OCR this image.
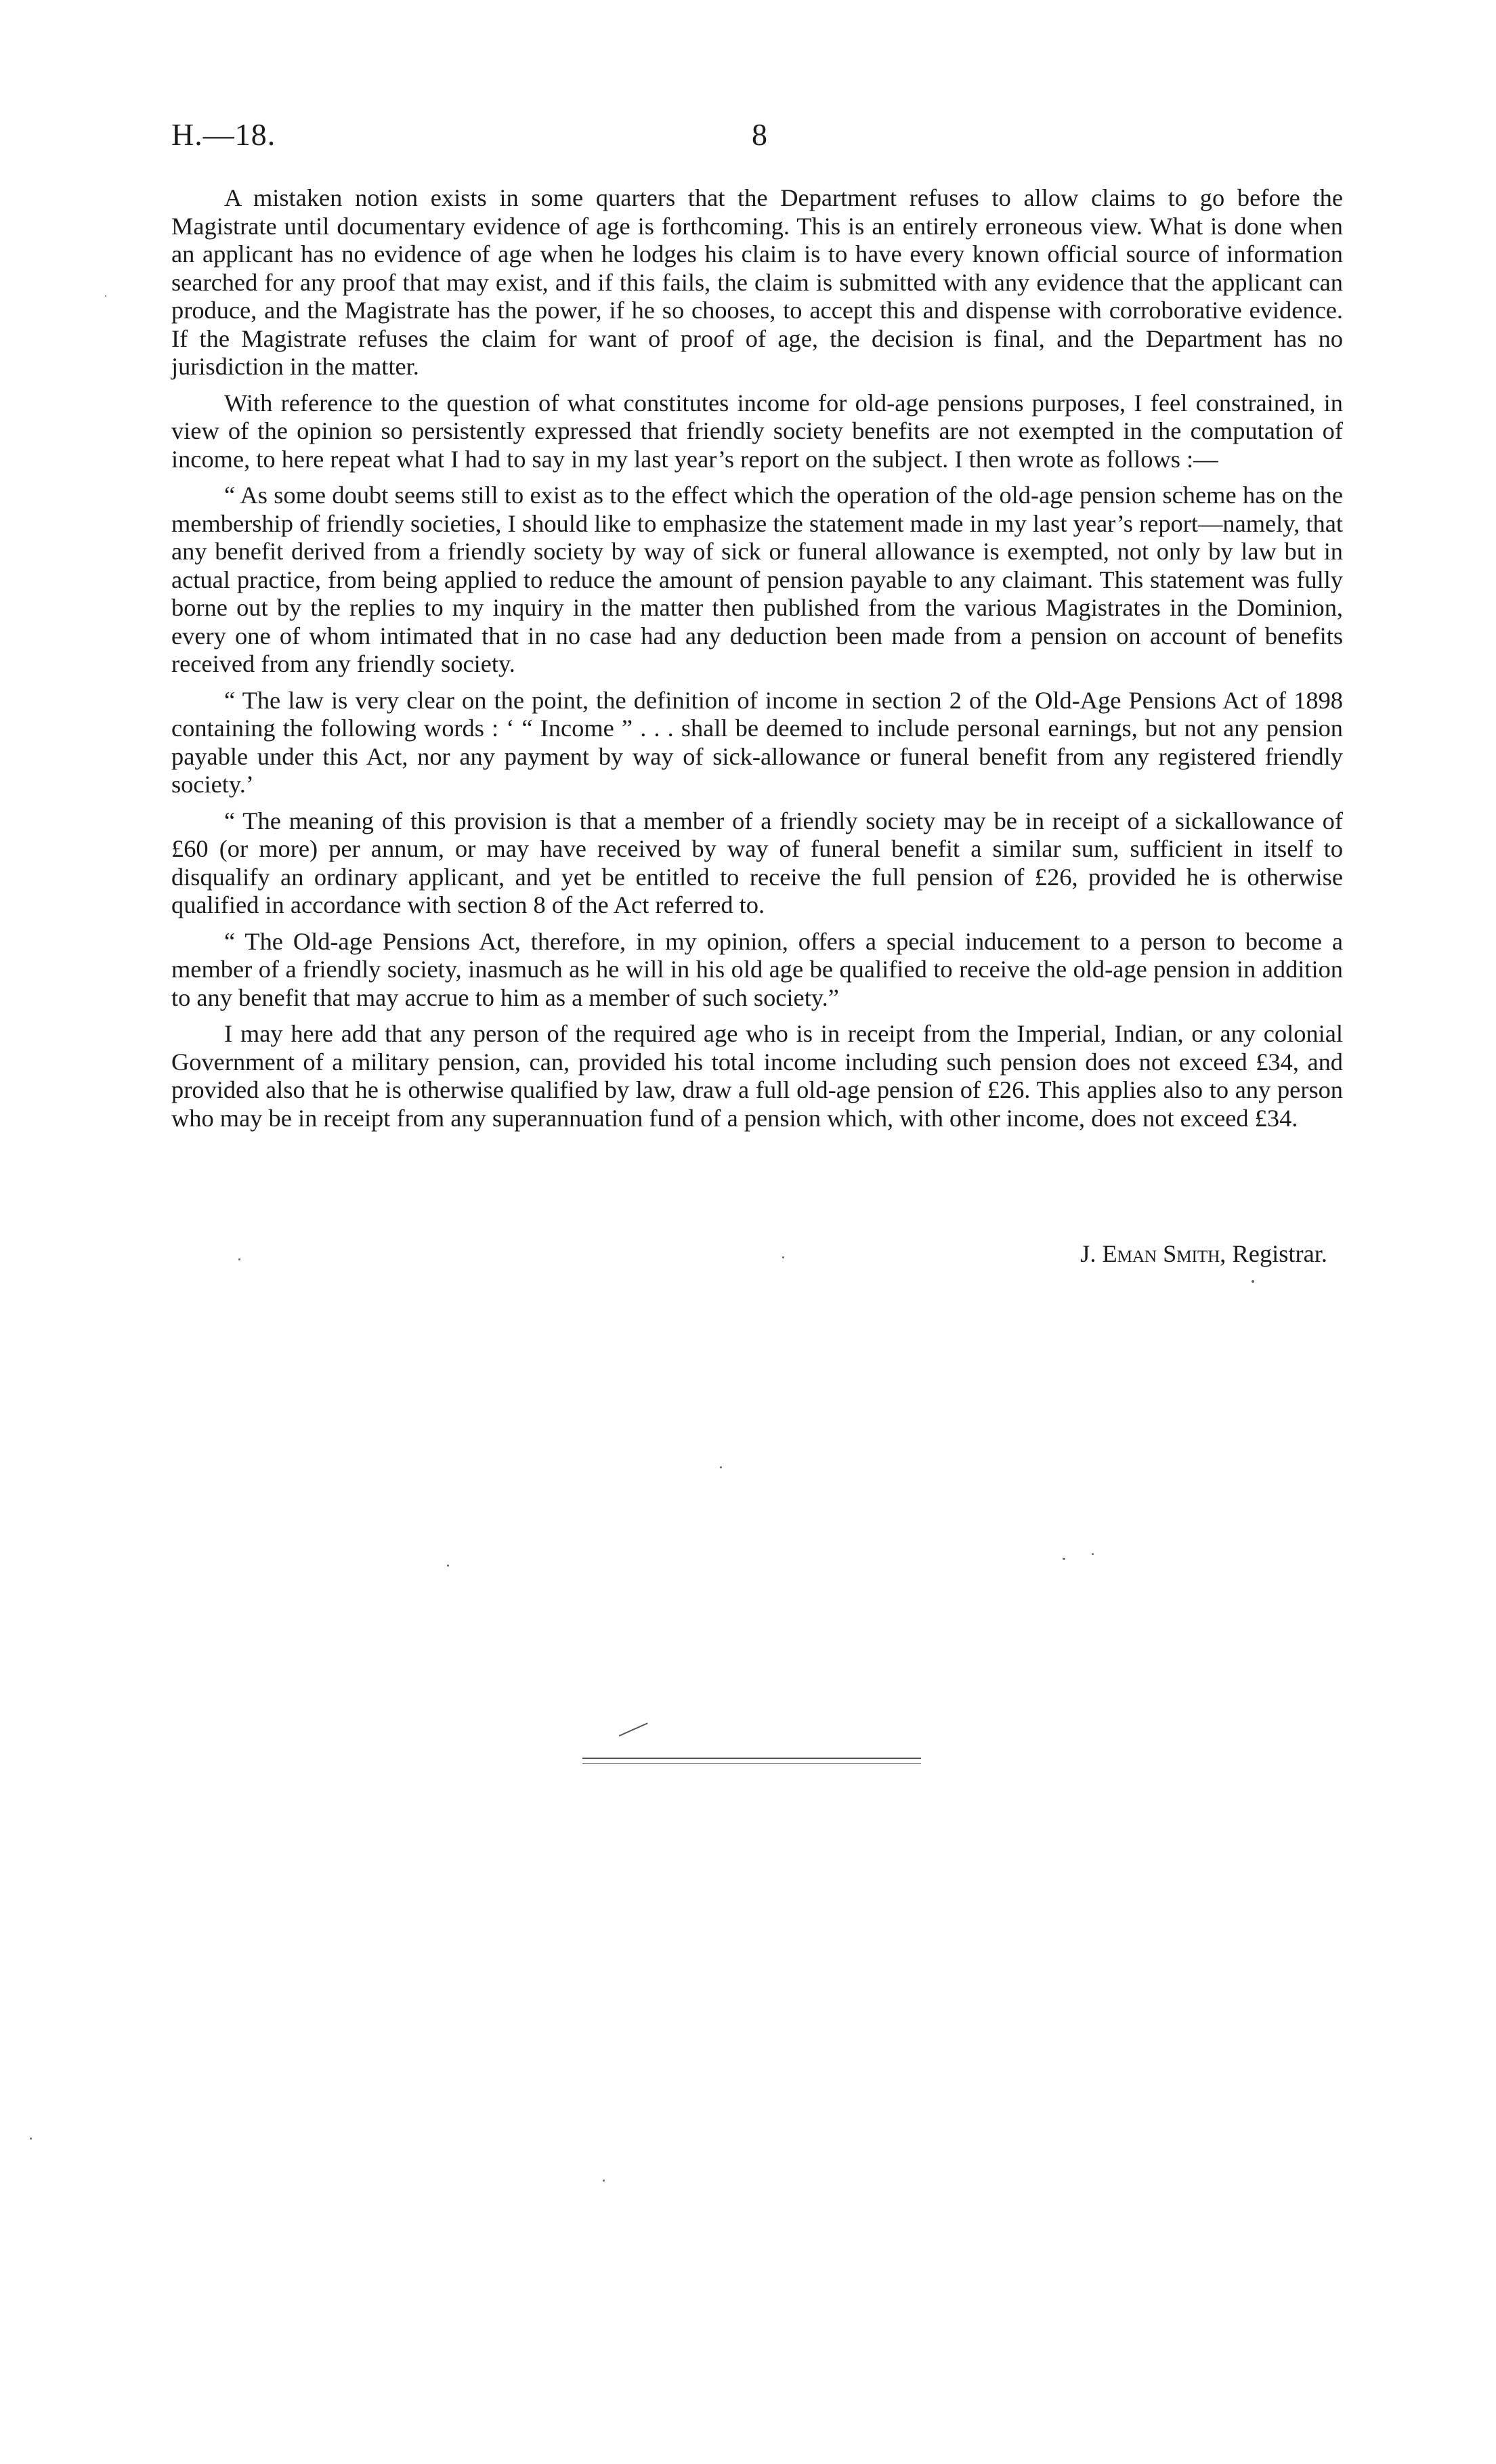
H.—18.	8

A mistaken notion exists in some quarters that the Department refuses to allow claims to go before the Magistrate until documentary evidence of age is forthcoming. This is an entirely erroneous view. What is done when an applicant has no evidence of age when he lodges his claim is to have every known official source of information searched for any proof that may exist, and if this fails, the claim is submitted with any evidence that the applicant can produce, and the Magistrate has the power, if he so chooses, to accept this and dispense with corroborative evidence. If the Magistrate refuses the claim for want of proof of age, the decision is final, and the Department has no jurisdiction in the matter.

With reference to the question of what constitutes income for old-age pensions purposes, I feel constrained, in view of the opinion so persistently expressed that friendly society benefits are not exempted in the computation of income, to here repeat what I had to say in my last year’s report on the subject. I then wrote as follows :—

“ As some doubt seems still to exist as to the effect which the operation of the old-age pension scheme has on the membership of friendly societies, I should like to emphasize the statement made in my last year’s report—namely, that any benefit derived from a friendly society by way of sick or funeral allowance is exempted, not only by law but in actual practice, from being applied to reduce the amount of pension payable to any claimant. This statement was fully borne out by the replies to my inquiry in the matter then published from the various Magistrates in the Dominion, every one of whom intimated that in no case had any deduction been made from a pension on account of benefits received from any friendly society.

“ The law is very clear on the point, the definition of income in section 2 of the Old-Age Pensions Act of 1898 containing the following words : ‘ “ Income ” . . . shall be deemed to include personal earnings, but not any pension payable under this Act, nor any payment by way of sick-allowance or funeral benefit from any registered friendly society.’

“ The meaning of this provision is that a member of a friendly society may be in receipt of a sickallowance of £60 (or more) per annum, or may have received by way of funeral benefit a similar sum, sufficient in itself to disqualify an ordinary applicant, and yet be entitled to receive the full pension of £26, provided he is otherwise qualified in accordance with section 8 of the Act referred to.

“ The Old-age Pensions Act, therefore, in my opinion, offers a special inducement to a person to become a member of a friendly society, inasmuch as he will in his old age be qualified to receive the old-age pension in addition to any benefit that may accrue to him as a member of such society.”

I may here add that any person of the required age who is in receipt from the Imperial, Indian, or any colonial Government of a military pension, can, provided his total income including such pension does not exceed £34, and provided also that he is otherwise qualified by law, draw a full old-age pension of £26. This applies also to any person who may be in receipt from any superannuation fund of a pension which, with other income, does not exceed £34.

J. Eman Smith, Registrar.
